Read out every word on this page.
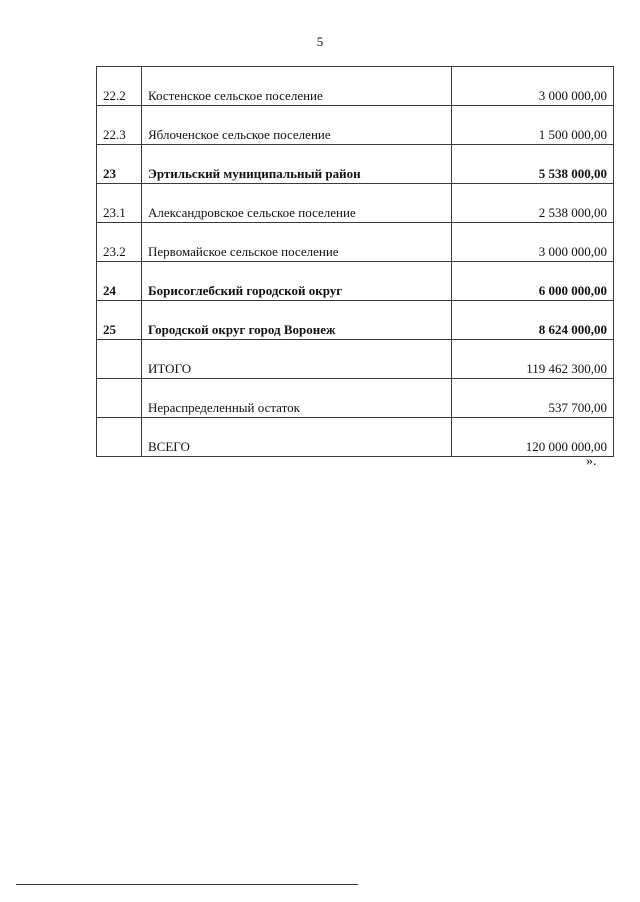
5
22.2	Костенское сельское поселение	3 000 000,00
22.3	Яблоченское сельское поселение	1 500 000,00
23	Эртильский муниципальный район	5 538 000,00
23.1	Александровское сельское поселение	2 538 000,00
23.2	Первомайское сельское поселение	3 000 000,00
24	Борисоглебский городской округ	6 000 000,00
25	Городской округ город Воронеж	8 624 000,00
	ИТОГО	119 462 300,00
	Нераспределенный остаток	537 700,00
	ВСЕГО	120 000 000,00
».
